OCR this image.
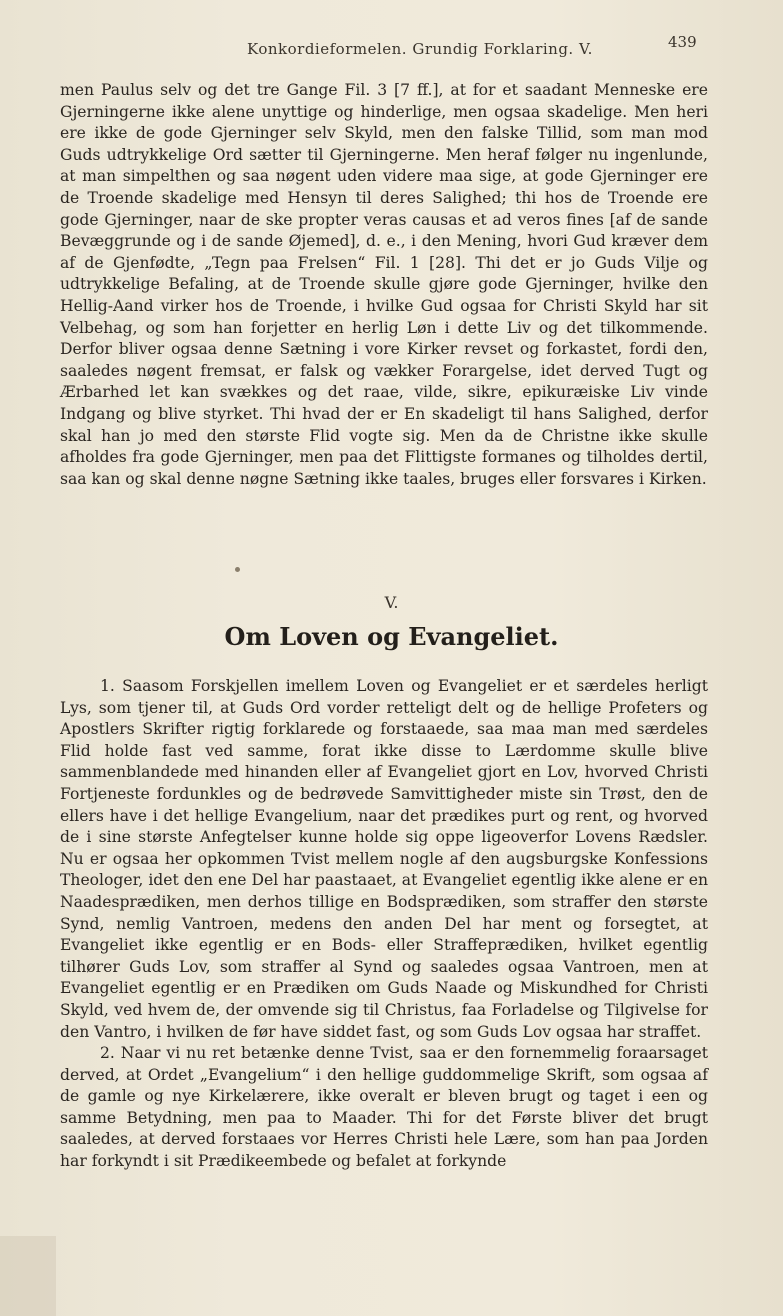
Konkordieformelen. Grundig Forklaring. V.	439

men Paulus selv og det tre Gange Fil. 3 [7 ff.], at for et saadant Menneske ere Gjerningerne ikke alene unyttige og hinderlige, men ogsaa skadelige. Men heri ere ikke de gode Gjerninger selv Skyld, men den falske Tillid, som man mod Guds udtrykkelige Ord sætter til Gjerningerne. Men heraf følger nu ingenlunde, at man simpelthen og saa nøgent uden videre maa sige, at gode Gjerninger ere de Troende skadelige med Hensyn til deres Salighed; thi hos de Troende ere gode Gjerninger, naar de ske propter veras causas et ad veros fines [af de sande Bevæggrunde og i de sande Øjemed], d. e., i den Mening, hvori Gud kræver dem af de Gjenfødte, „Tegn paa Frelsen“ Fil. 1 [28]. Thi det er jo Guds Vilje og udtrykkelige Befaling, at de Troende skulle gjøre gode Gjerninger, hvilke den Hellig-Aand virker hos de Troende, i hvilke Gud ogsaa for Christi Skyld har sit Velbehag, og som han forjetter en herlig Løn i dette Liv og det tilkommende. Derfor bliver ogsaa denne Sætning i vore Kirker revset og forkastet, fordi den, saaledes nøgent fremsat, er falsk og vækker Forargelse, idet derved Tugt og Ærbarhed let kan svækkes og det raae, vilde, sikre, epikuræiske Liv vinde Indgang og blive styrket. Thi hvad der er En skadeligt til hans Salighed, derfor skal han jo med den største Flid vogte sig. Men da de Christne ikke skulle afholdes fra gode Gjerninger, men paa det Flittigste formanes og tilholdes dertil, saa kan og skal denne nøgne Sætning ikke taales, bruges eller forsvares i Kirken.

V.
Om Loven og Evangeliet.

1. Saasom Forskjellen imellem Loven og Evangeliet er et særdeles herligt Lys, som tjener til, at Guds Ord vorder retteligt delt og de hellige Profeters og Apostlers Skrifter rigtig forklarede og forstaaede, saa maa man med særdeles Flid holde fast ved samme, forat ikke disse to Lærdomme skulle blive sammenblandede med hinanden eller af Evangeliet gjort en Lov, hvorved Christi Fortjeneste fordunkles og de bedrøvede Samvittigheder miste sin Trøst, den de ellers have i det hellige Evangelium, naar det prædikes purt og rent, og hvorved de i sine største Anfegtelser kunne holde sig oppe ligeoverfor Lovens Rædsler. Nu er ogsaa her opkommen Tvist mellem nogle af den augsburgske Konfessions Theologer, idet den ene Del har paastaaet, at Evangeliet egentlig ikke alene er en Naadesprædiken, men derhos tillige en Bodsprædiken, som straffer den største Synd, nemlig Vantroen, medens den anden Del har ment og forsegtet, at Evangeliet ikke egentlig er en Bods- eller Straffeprædiken, hvilket egentlig tilhører Guds Lov, som straffer al Synd og saaledes ogsaa Vantroen, men at Evangeliet egentlig er en Prædiken om Guds Naade og Miskundhed for Christi Skyld, ved hvem de, der omvende sig til Christus, faa Forladelse og Tilgivelse for den Vantro, i hvilken de før have siddet fast, og som Guds Lov ogsaa har straffet.

2. Naar vi nu ret betænke denne Tvist, saa er den fornemmelig foraarsaget derved, at Ordet „Evangelium“ i den hellige guddommelige Skrift, som ogsaa af de gamle og nye Kirkelærere, ikke overalt er bleven brugt og taget i een og samme Betydning, men paa to Maader. Thi for det Første bliver det brugt saaledes, at derved forstaaes vor Herres Christi hele Lære, som han paa Jorden har forkyndt i sit Prædikeembede og befalet at forkynde
